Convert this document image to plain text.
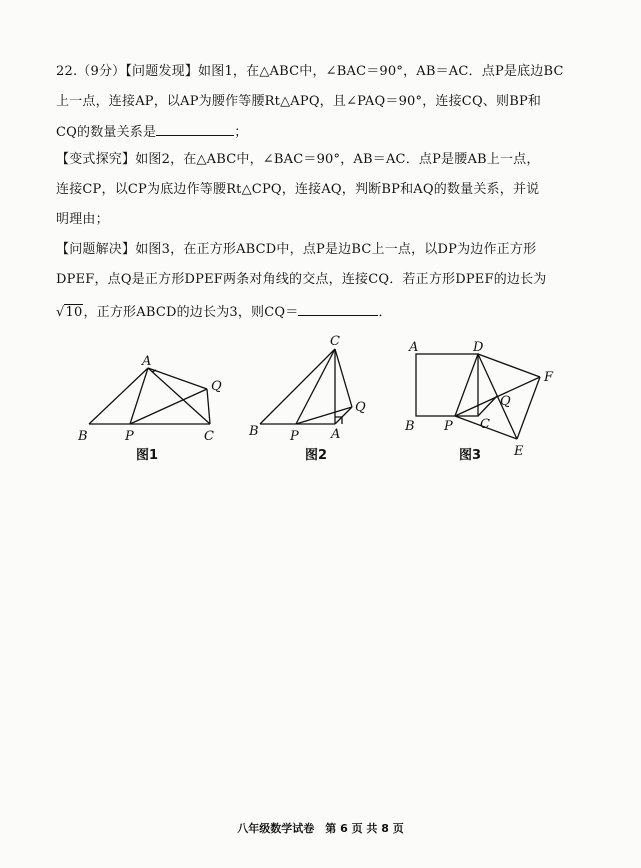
22.（9分）【问题发现】如图1，在△ABC中，∠BAC＝90°，AB＝AC．点P是底边BC
上一点，连接AP，以AP为腰作等腰Rt△APQ，且∠PAQ＝90°，连接CQ、则BP和
CQ的数量关系是	；
【变式探究】如图2，在△ABC中，∠BAC＝90°，AB＝AC．点P是腰AB上一点，
连接CP，以CP为底边作等腰Rt△CPQ，连接AQ，判断BP和AQ的数量关系，并说
明理由；
【问题解决】如图3，在正方形ABCD中，点P是边BC上一点，以DP为边作正方形
DPEF，点Q是正方形DPEF两条对角线的交点，连接CQ．若正方形DPEF的边长为
√10，正方形ABCD的边长为3，则CQ＝	．
A
B	C
P
Q
图1
C
B P A
Q
图2
A	D
F
Q
B P C
E
图3
八年级数学试卷　第 6 页 共 8 页
